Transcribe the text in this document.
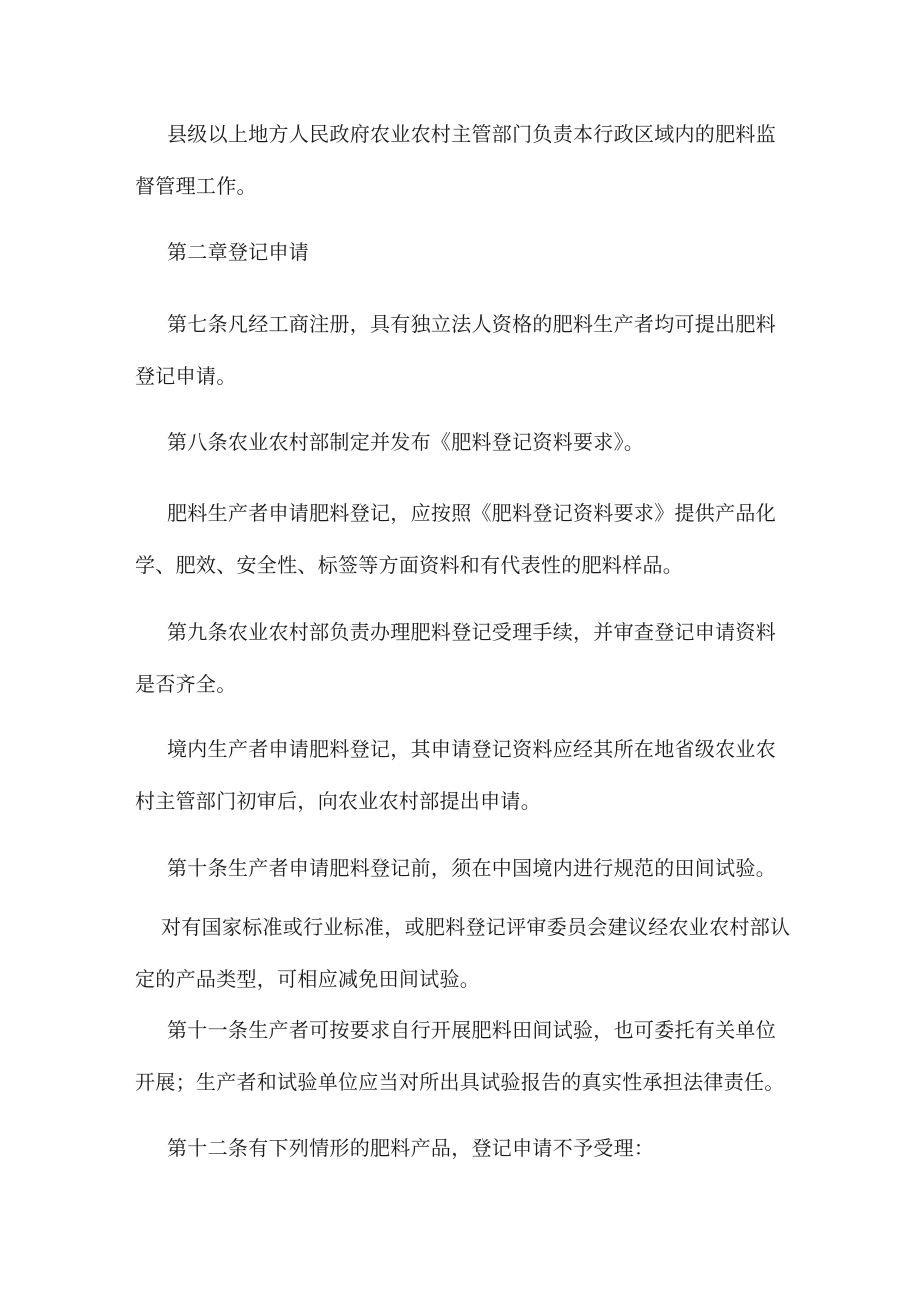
县级以上地方人民政府农业农村主管部门负责本行政区域内的肥料监督管理工作。

第二章登记申请

第七条凡经工商注册，具有独立法人资格的肥料生产者均可提出肥料登记申请。

第八条农业农村部制定并发布《肥料登记资料要求》。

肥料生产者申请肥料登记，应按照《肥料登记资料要求》提供产品化学、肥效、安全性、标签等方面资料和有代表性的肥料样品。

第九条农业农村部负责办理肥料登记受理手续，并审查登记申请资料是否齐全。

境内生产者申请肥料登记，其申请登记资料应经其所在地省级农业农村主管部门初审后，向农业农村部提出申请。

第十条生产者申请肥料登记前，须在中国境内进行规范的田间试验。

对有国家标准或行业标准，或肥料登记评审委员会建议经农业农村部认定的产品类型，可相应减免田间试验。

第十一条生产者可按要求自行开展肥料田间试验，也可委托有关单位开展；生产者和试验单位应当对所出具试验报告的真实性承担法律责任。

第十二条有下列情形的肥料产品，登记申请不予受理：
